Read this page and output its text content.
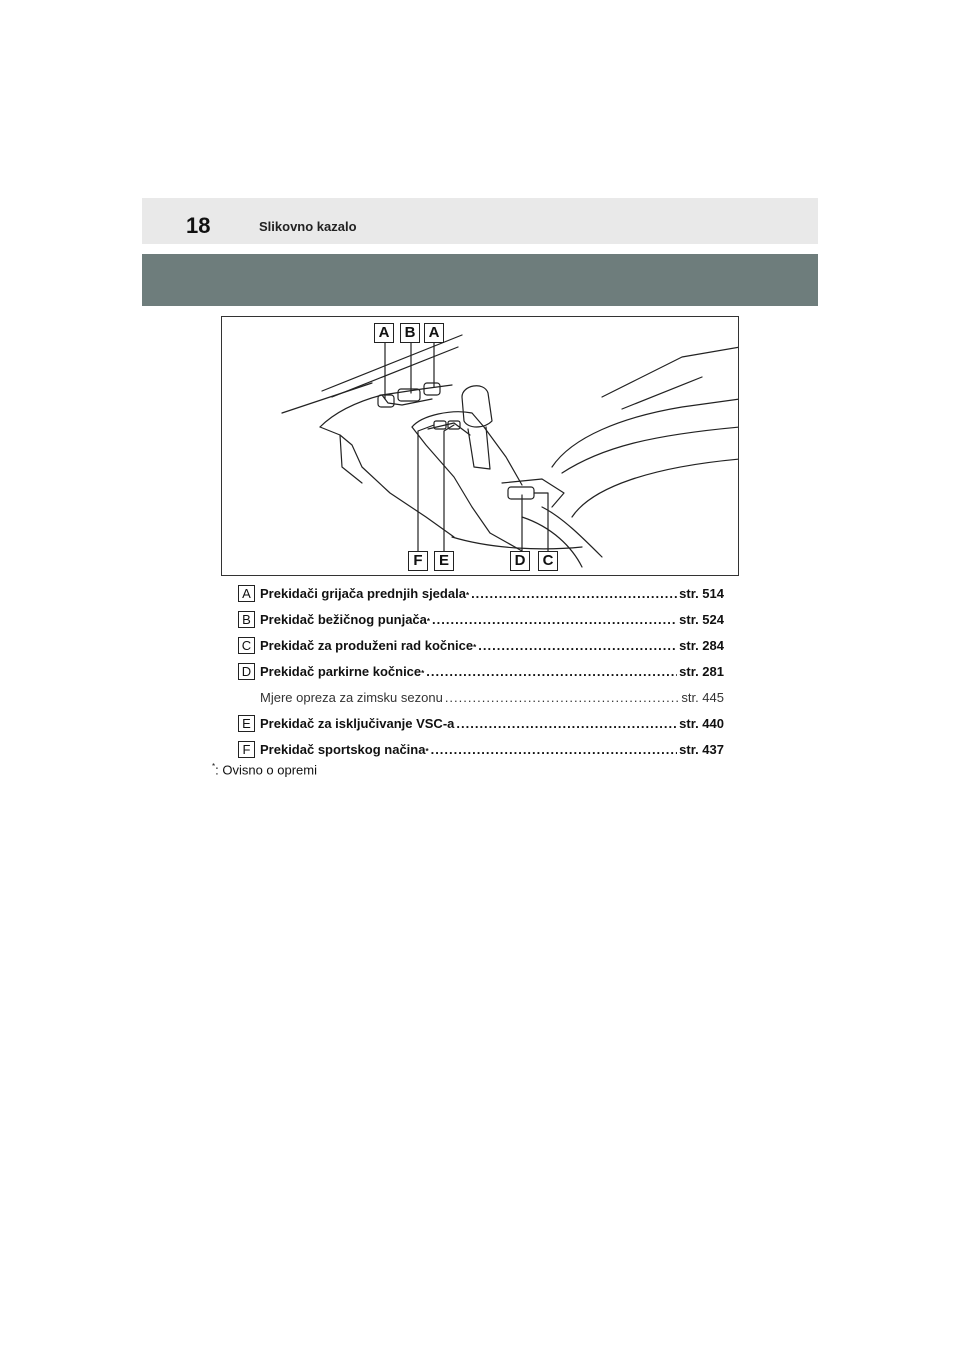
18	Slikovno kazalo
A	B A
F	E	D	C
A Prekidači grijača prednjih sjedala * .....	str. 514
B Prekidač bežičnog punjača * .....	str. 524
C Prekidač za produženi rad kočnice * .....	str. 284
D Prekidač parkirne kočnice * .....	str. 281
Mjere opreza za zimsku sezonu .....	str. 445
E Prekidač za isključivanje VSC-a .....	str. 440
F Prekidač sportskog načina * .....	str. 437
*: Ovisno o opremi
